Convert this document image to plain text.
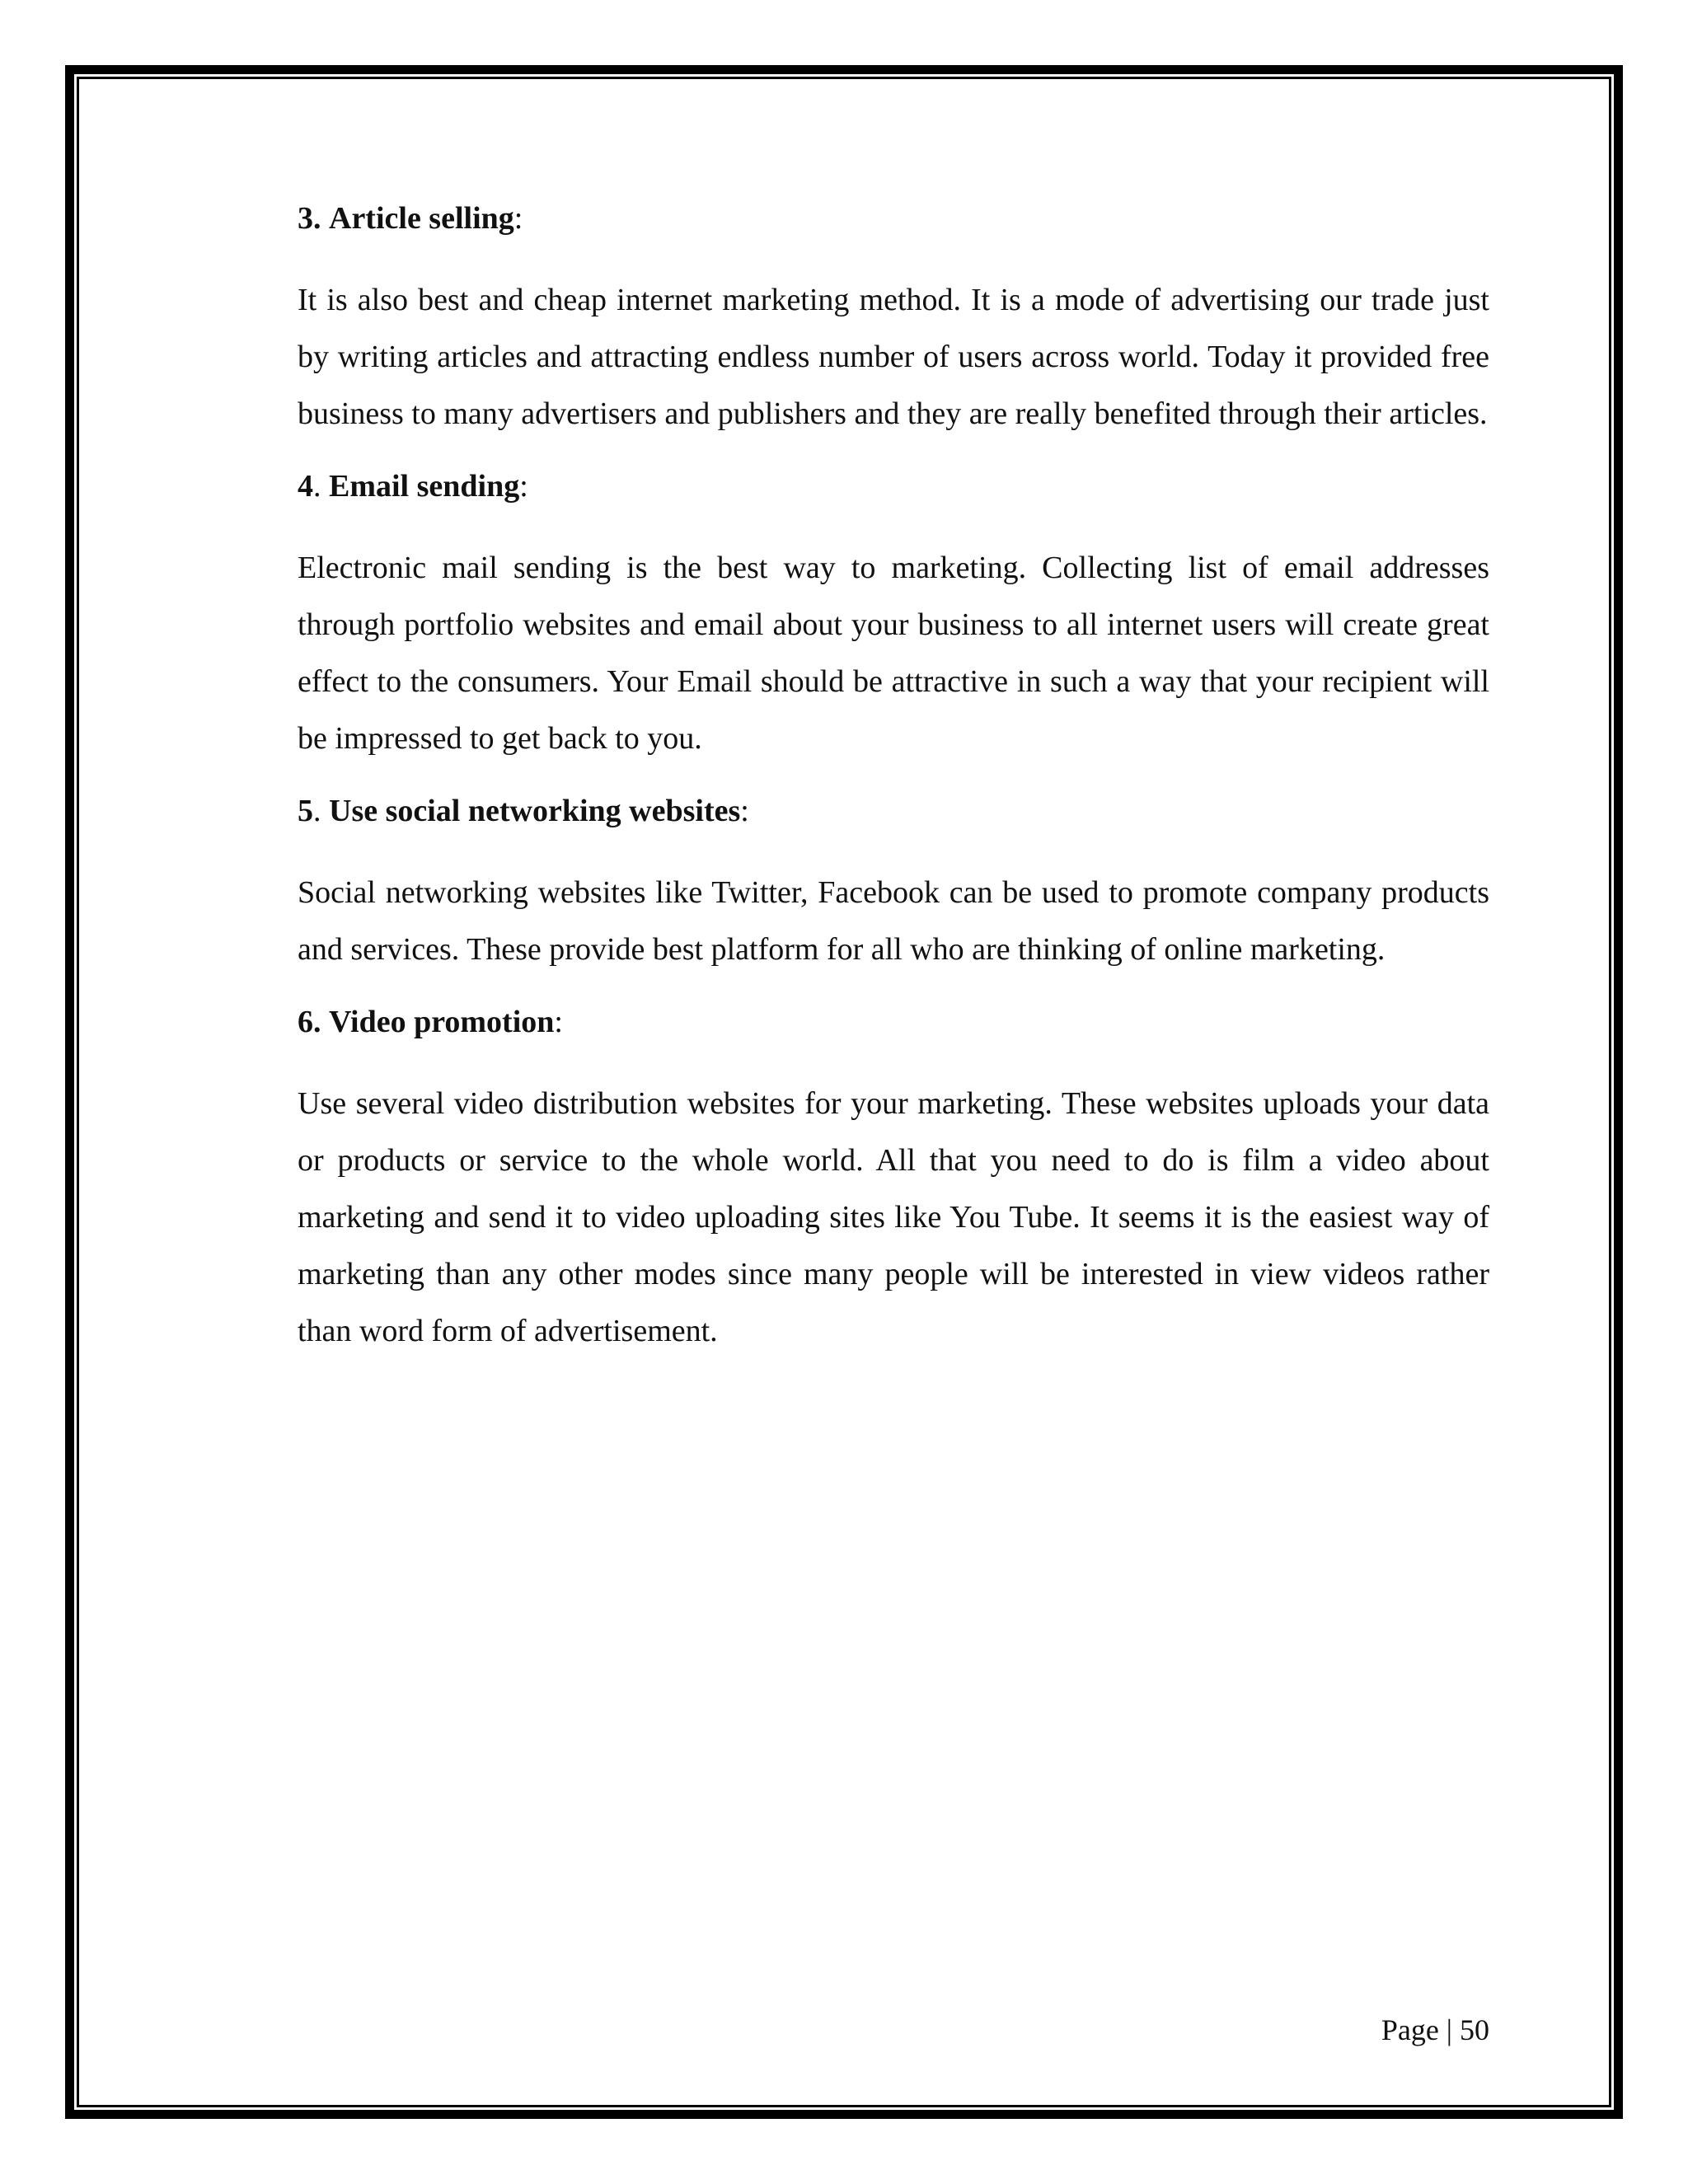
3. Article selling:

It is also best and cheap internet marketing method. It is a mode of advertising our trade just by writing articles and attracting endless number of users across world. Today it provided free business to many advertisers and publishers and they are really benefited through their articles.

4. Email sending:

Electronic mail sending is the best way to marketing. Collecting list of email addresses through portfolio websites and email about your business to all internet users will create great effect to the consumers. Your Email should be attractive in such a way that your recipient will be impressed to get back to you.

5. Use social networking websites:

Social networking websites like Twitter, Facebook can be used to promote company products and services. These provide best platform for all who are thinking of online marketing.

6. Video promotion:

Use several video distribution websites for your marketing. These websites uploads your data or products or service to the whole world. All that you need to do is film a video about marketing and send it to video uploading sites like You Tube. It seems it is the easiest way of marketing than any other modes since many people will be interested in view videos rather than word form of advertisement.

Page | 50
